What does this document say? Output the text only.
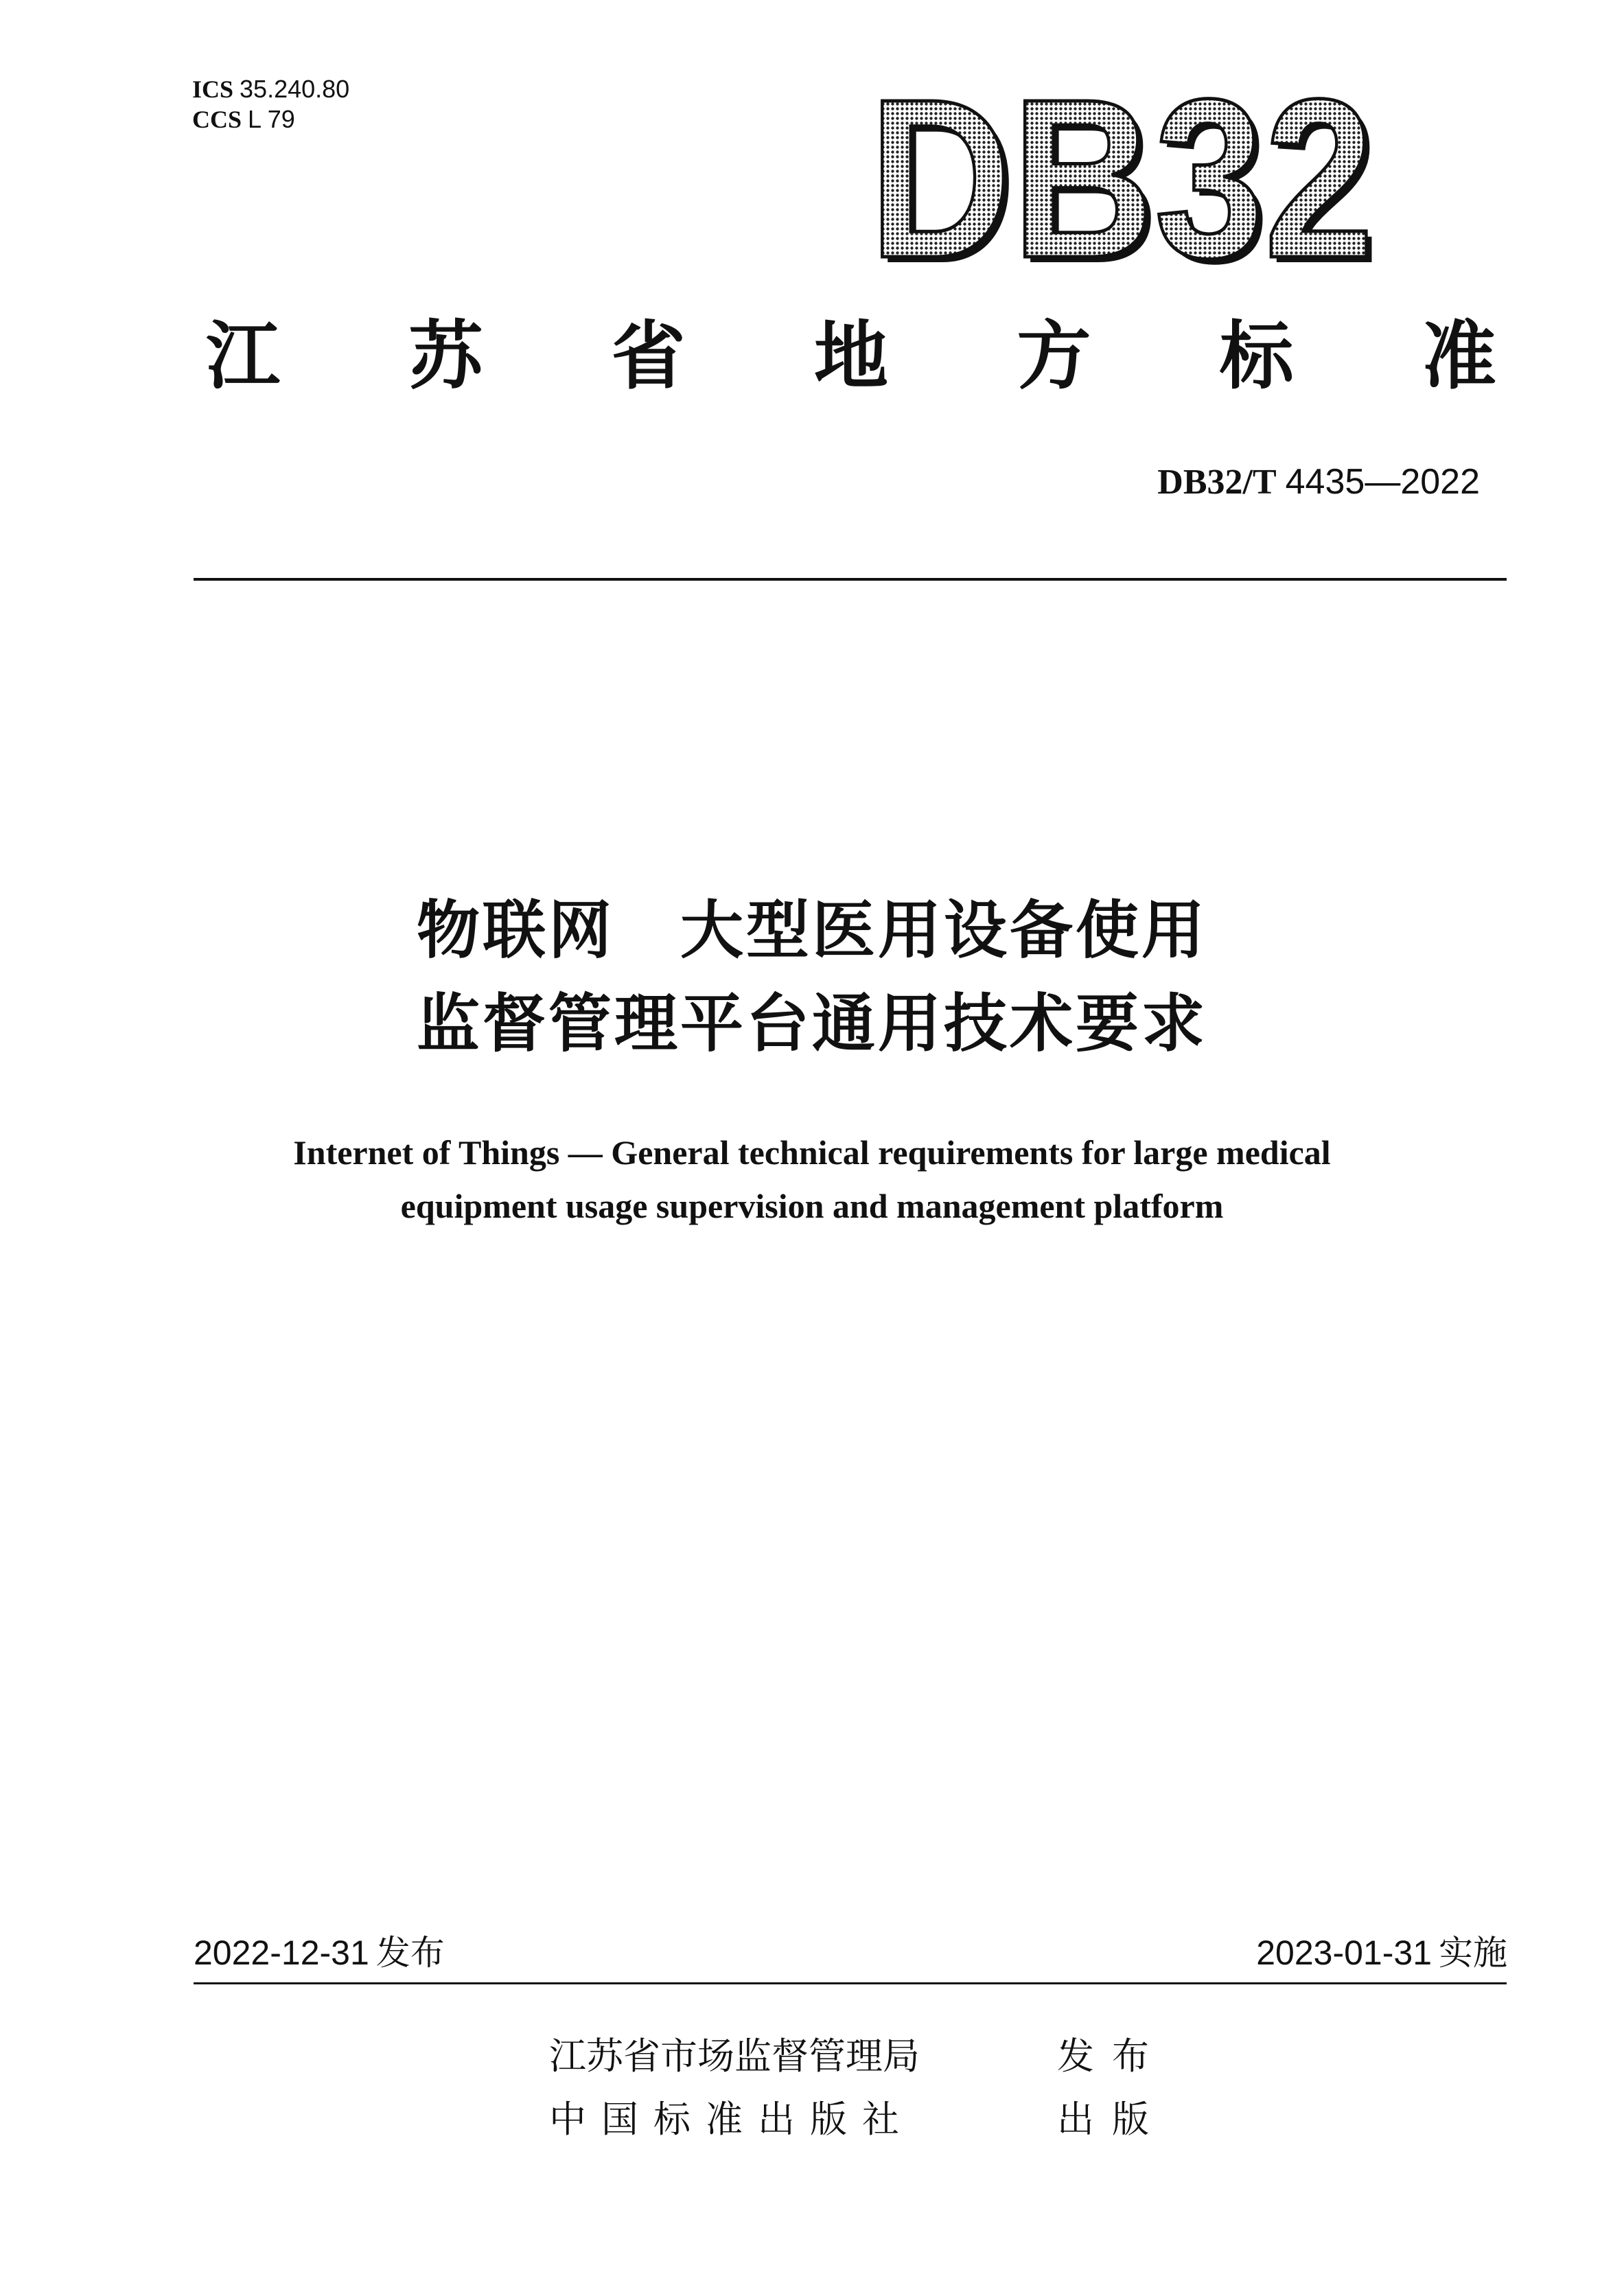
ICS 35.240.80
CCS L 79	DB32
DB32
江 苏 省 地 方 标 准
DB32/T 4435—2022
物联网　大型医用设备使用
监督管理平台通用技术要求
Internet of Things — General technical requirements for large medical
equipment usage supervision and management platform
2022-12-31 发布	2023-01-31 实施
江苏省市场监督管理局	发布
中国标准出版社	出版
